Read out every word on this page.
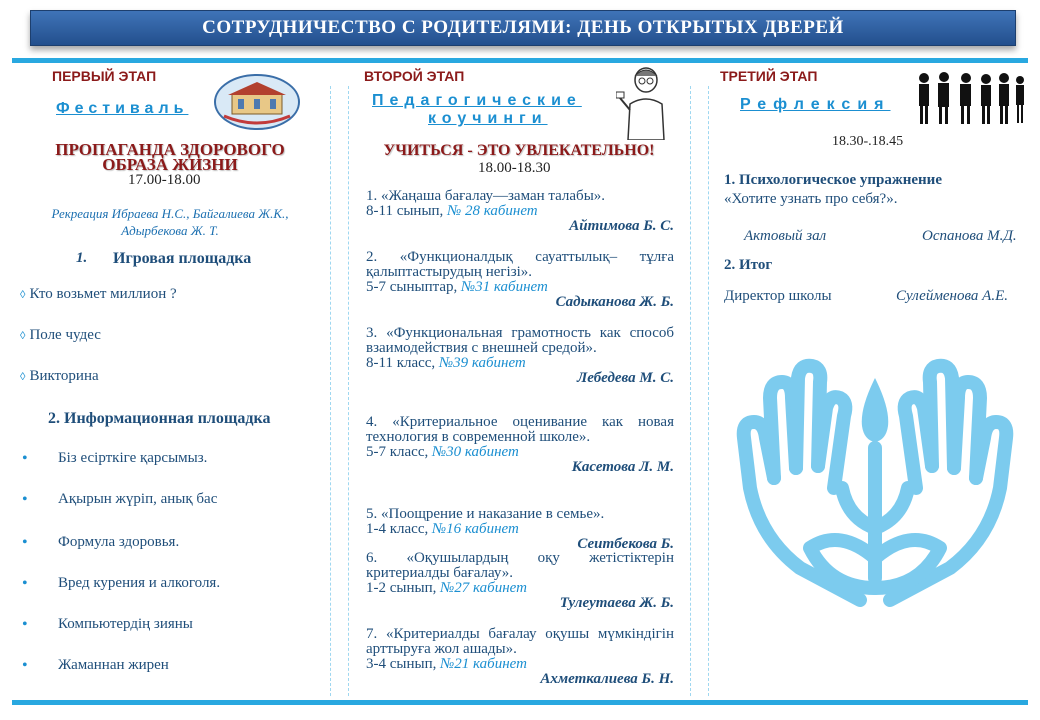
СОТРУДНИЧЕСТВО С РОДИТЕЛЯМИ: ДЕНЬ ОТКРЫТЫХ ДВЕРЕЙ
ПЕРВЫЙ ЭТАП
Фестиваль
ПРОПАГАНДА ЗДОРОВОГО
ОБРАЗА ЖИЗНИ
17.00-18.00
Рекреация Ибраева Н.С., Байгалиева Ж.К.,
Адырбекова Ж. Т.
1. Игровая площадка
◊ Кто возьмет миллион ?
◊ Поле чудес
◊ Викторина
2. Информационная площадка
• Біз есірткіге қарсымыз.
• Ақырын жүріп, анық бас
• Формула здоровья.
• Вред курения и алкоголя.
• Компьютердің зияны
• Жаманнан жирен
ВТОРОЙ ЭТАП
Педагогические
коучинги
УЧИТЬСЯ - ЭТО УВЛЕКАТЕЛЬНО!
18.00-18.30
1. «Жаңаша бағалау—заман талабы».
8-11 сынып, № 28 кабинет
Айтимова Б. С.
2. «Функционалдық сауаттылық– тұлға қалыптастырудың негізі».
5-7 сыныптар, №31 кабинет
Садыканова Ж. Б.
3. «Функциональная грамотность как способ взаимодействия с внешней средой».
8-11 класс, №39 кабинет
Лебедева М. С.
4. «Критериальное оценивание как новая технология в современной школе».
5-7 класс, №30 кабинет
Касетова Л. М.
5. «Поощрение и наказание в семье».
1-4 класс, №16 кабинет
Сеитбекова Б.
6. «Оқушылардың оқу жетістіктерін критериалды бағалау».
1-2 сынып, №27 кабинет
Тулеутаева Ж. Б.
7. «Критериалды бағалау оқушы мүмкіндігін арттыруға жол ашады».
3-4 сынып, №21 кабинет
Ахметкалиева Б. Н.
ТРЕТИЙ ЭТАП
Рефлексия
18.30-.18.45
1. Психологическое упражнение
«Хотите узнать про себя?».
Актовый зал	Оспанова М.Д.
2. Итог
Директор школы	Сулейменова А.Е.
